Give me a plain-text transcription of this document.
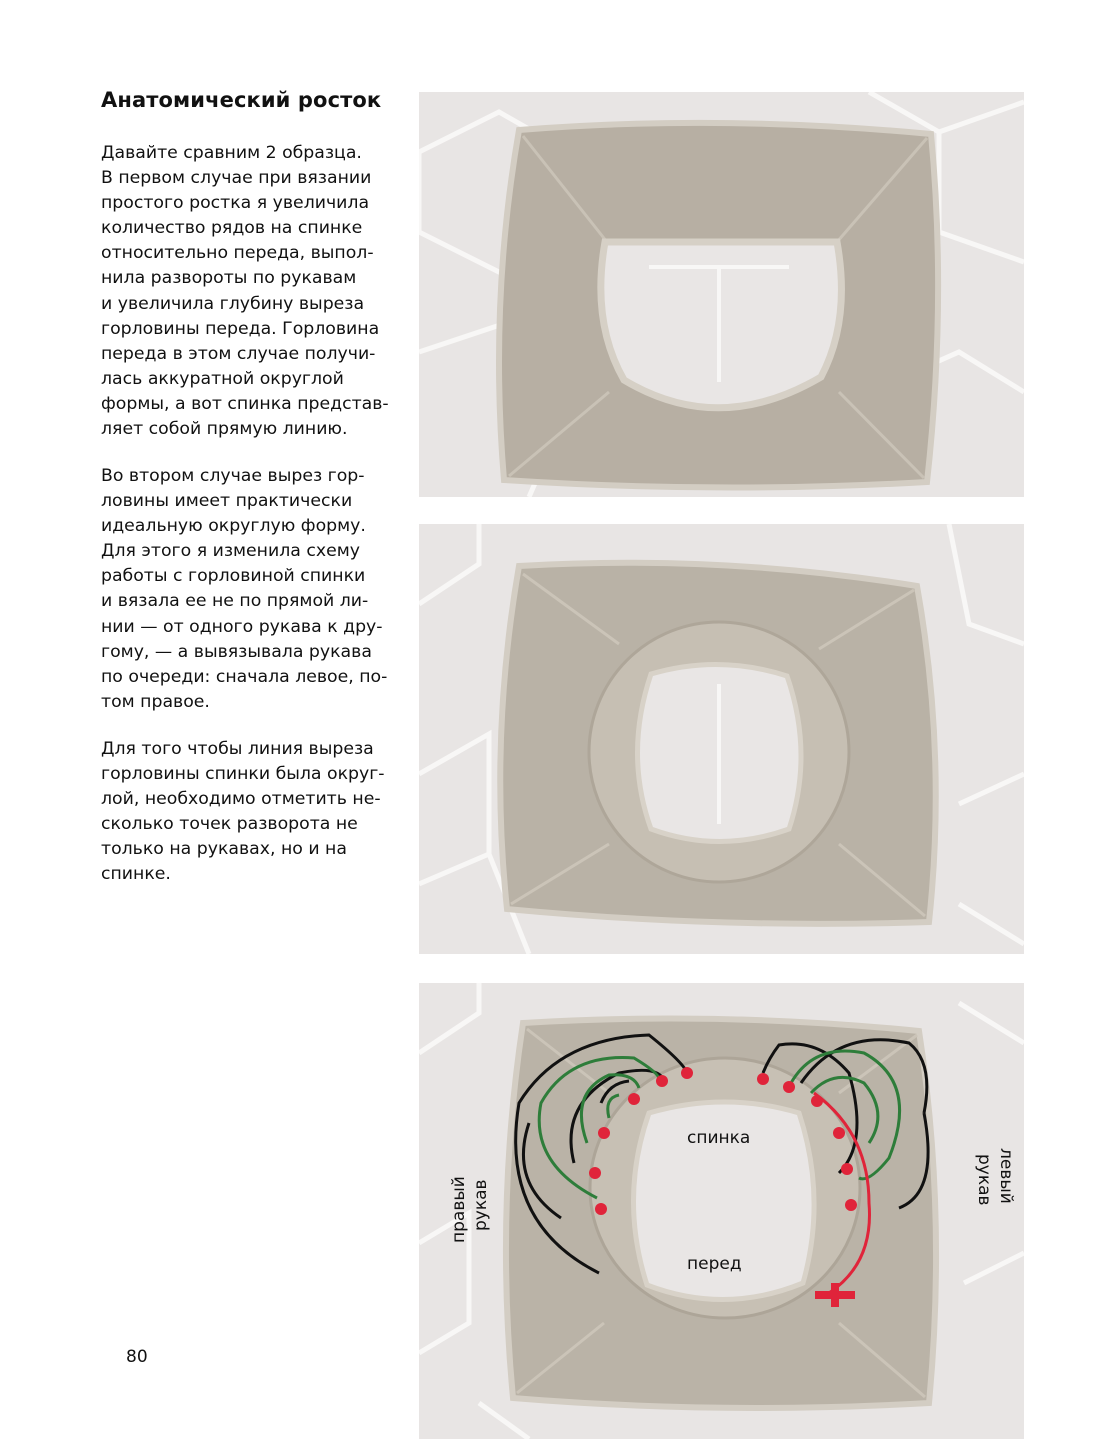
Анатомический росток
Давайте сравним 2 образца.
В первом случае при вязании
простого ростка я увеличила
количество рядов на спинке
относительно переда, выпол-
нила развороты по рукавам
и увеличила глубину выреза
горловины переда. Горловина
переда в этом случае получи-
лась аккуратной округлой
формы, а вот спинка представ-
ляет собой прямую линию.
Во втором случае вырез гор-
ловины имеет практически
идеальную округлую форму.
Для этого я изменила схему
работы с горловиной спинки
и вязала ее не по прямой ли-
нии — от одного рукава к дру-
гому, — а вывязывала рукава
по очереди: сначала левое, по-
том правое.
Для того чтобы линия выреза
горловины спинки была округ-
лой, необходимо отметить не-
сколько точек разворота не
только на рукавах, но и на
спинке.
80
спинка
перед
правый рукав
левый
рукав
